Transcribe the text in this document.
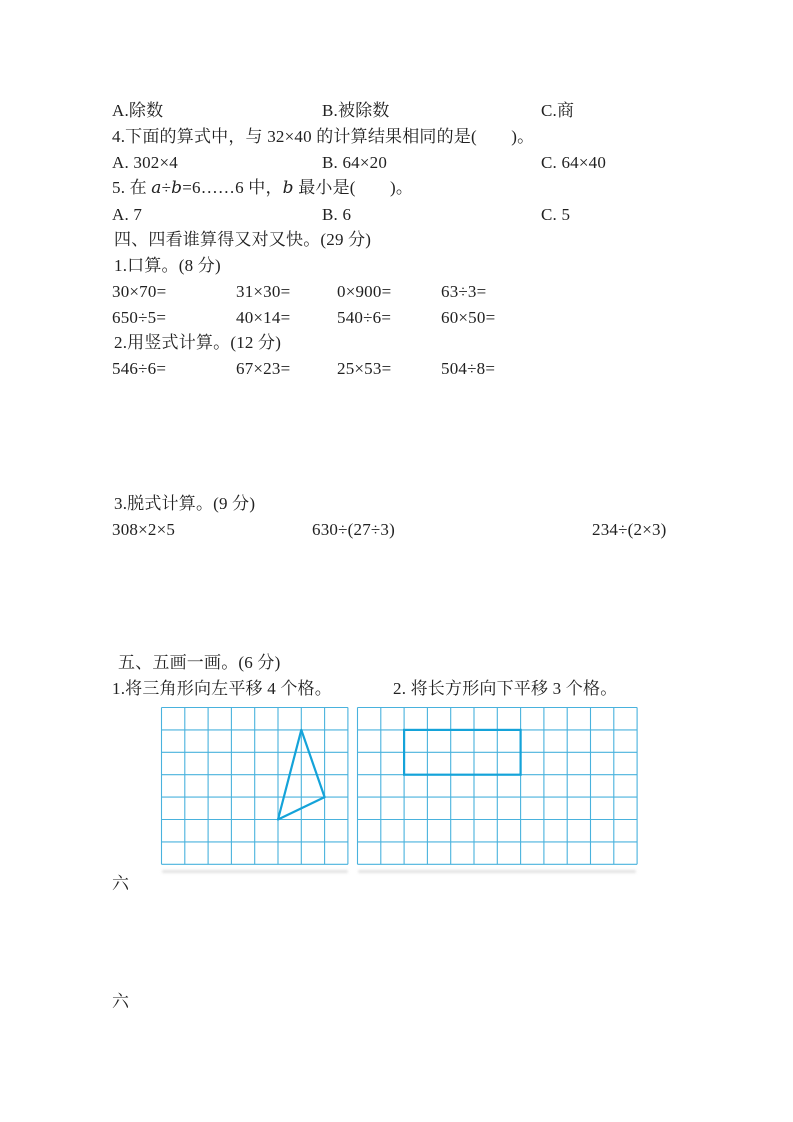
A.除数	B.被除数	C.商
4.下面的算式中，与 32×40 的计算结果相同的是(　　)。
A. 302×4	B. 64×20	C. 64×40
5. 在 a÷b=6……6 中，b 最小是(　　)。
A. 7	B. 6	C. 5
四、四看谁算得又对又快。(29 分)
1.口算。(8 分)
30×70=	31×30=	0×900=	63÷3=
650÷5=	40×14=	540÷6=	60×50=
2.用竖式计算。(12 分)
546÷6=	67×23=	25×53=	504÷8=
3.脱式计算。(9 分)
308×2×5	630÷(27÷3)	234÷(2×3)
五、五画一画。(6 分)
1.将三角形向左平移 4 个格。	2. 将长方形向下平移 3 个格。
六
六
